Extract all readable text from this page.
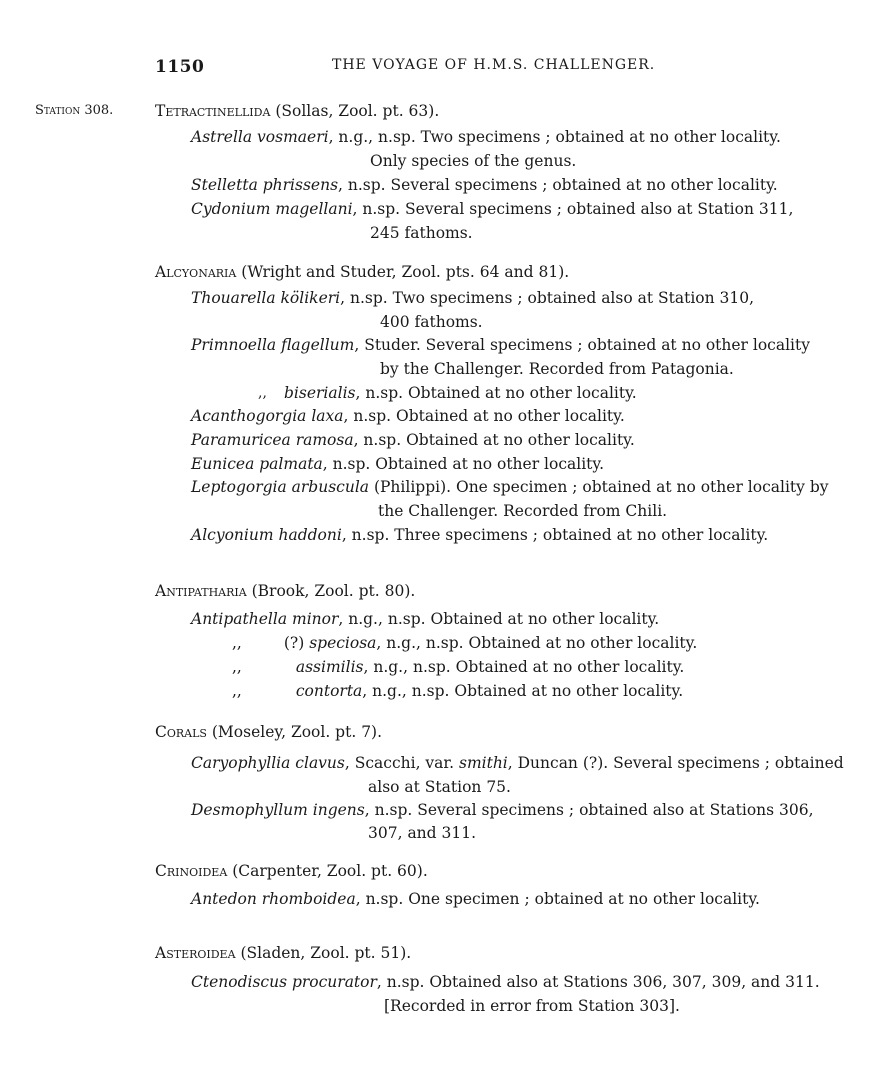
1150	THE VOYAGE OF H.M.S. CHALLENGER.
Station 308.	Tetractinellida (Sollas, Zool. pt. 63).
Astrella vosmaeri, n.g., n.sp. Two specimens ; obtained at no other locality.
Only species of the genus.
Stelletta phrissens, n.sp. Several specimens ; obtained at no other locality.
Cydonium magellani, n.sp. Several specimens ; obtained also at Station 311,
245 fathoms.
Alcyonaria (Wright and Studer, Zool. pts. 64 and 81).
Thouarella kölikeri, n.sp. Two specimens ; obtained also at Station 310,
400 fathoms.
Primnoella flagellum, Studer. Several specimens ; obtained at no other locality
by the Challenger. Recorded from Patagonia.
,, biserialis, n.sp. Obtained at no other locality.
Acanthogorgia laxa, n.sp. Obtained at no other locality.
Paramuricea ramosa, n.sp. Obtained at no other locality.
Eunicea palmata, n.sp. Obtained at no other locality.
Leptogorgia arbuscula (Philippi). One specimen ; obtained at no other locality by
the Challenger. Recorded from Chili.
Alcyonium haddoni, n.sp. Three specimens ; obtained at no other locality.
Antipatharia (Brook, Zool. pt. 80).
Antipathella minor, n.g., n.sp. Obtained at no other locality.
,,	(?) speciosa, n.g., n.sp. Obtained at no other locality.
,,	assimilis, n.g., n.sp. Obtained at no other locality.
,,	contorta, n.g., n.sp. Obtained at no other locality.
Corals (Moseley, Zool. pt. 7).
Caryophyllia clavus, Scacchi, var. smithi, Duncan (?). Several specimens ; obtained
also at Station 75.
Desmophyllum ingens, n.sp. Several specimens ; obtained also at Stations 306,
307, and 311.
Crinoidea (Carpenter, Zool. pt. 60).
Antedon rhomboidea, n.sp. One specimen ; obtained at no other locality.
Asteroidea (Sladen, Zool. pt. 51).
Ctenodiscus procurator, n.sp. Obtained also at Stations 306, 307, 309, and 311.
[Recorded in error from Station 303].
